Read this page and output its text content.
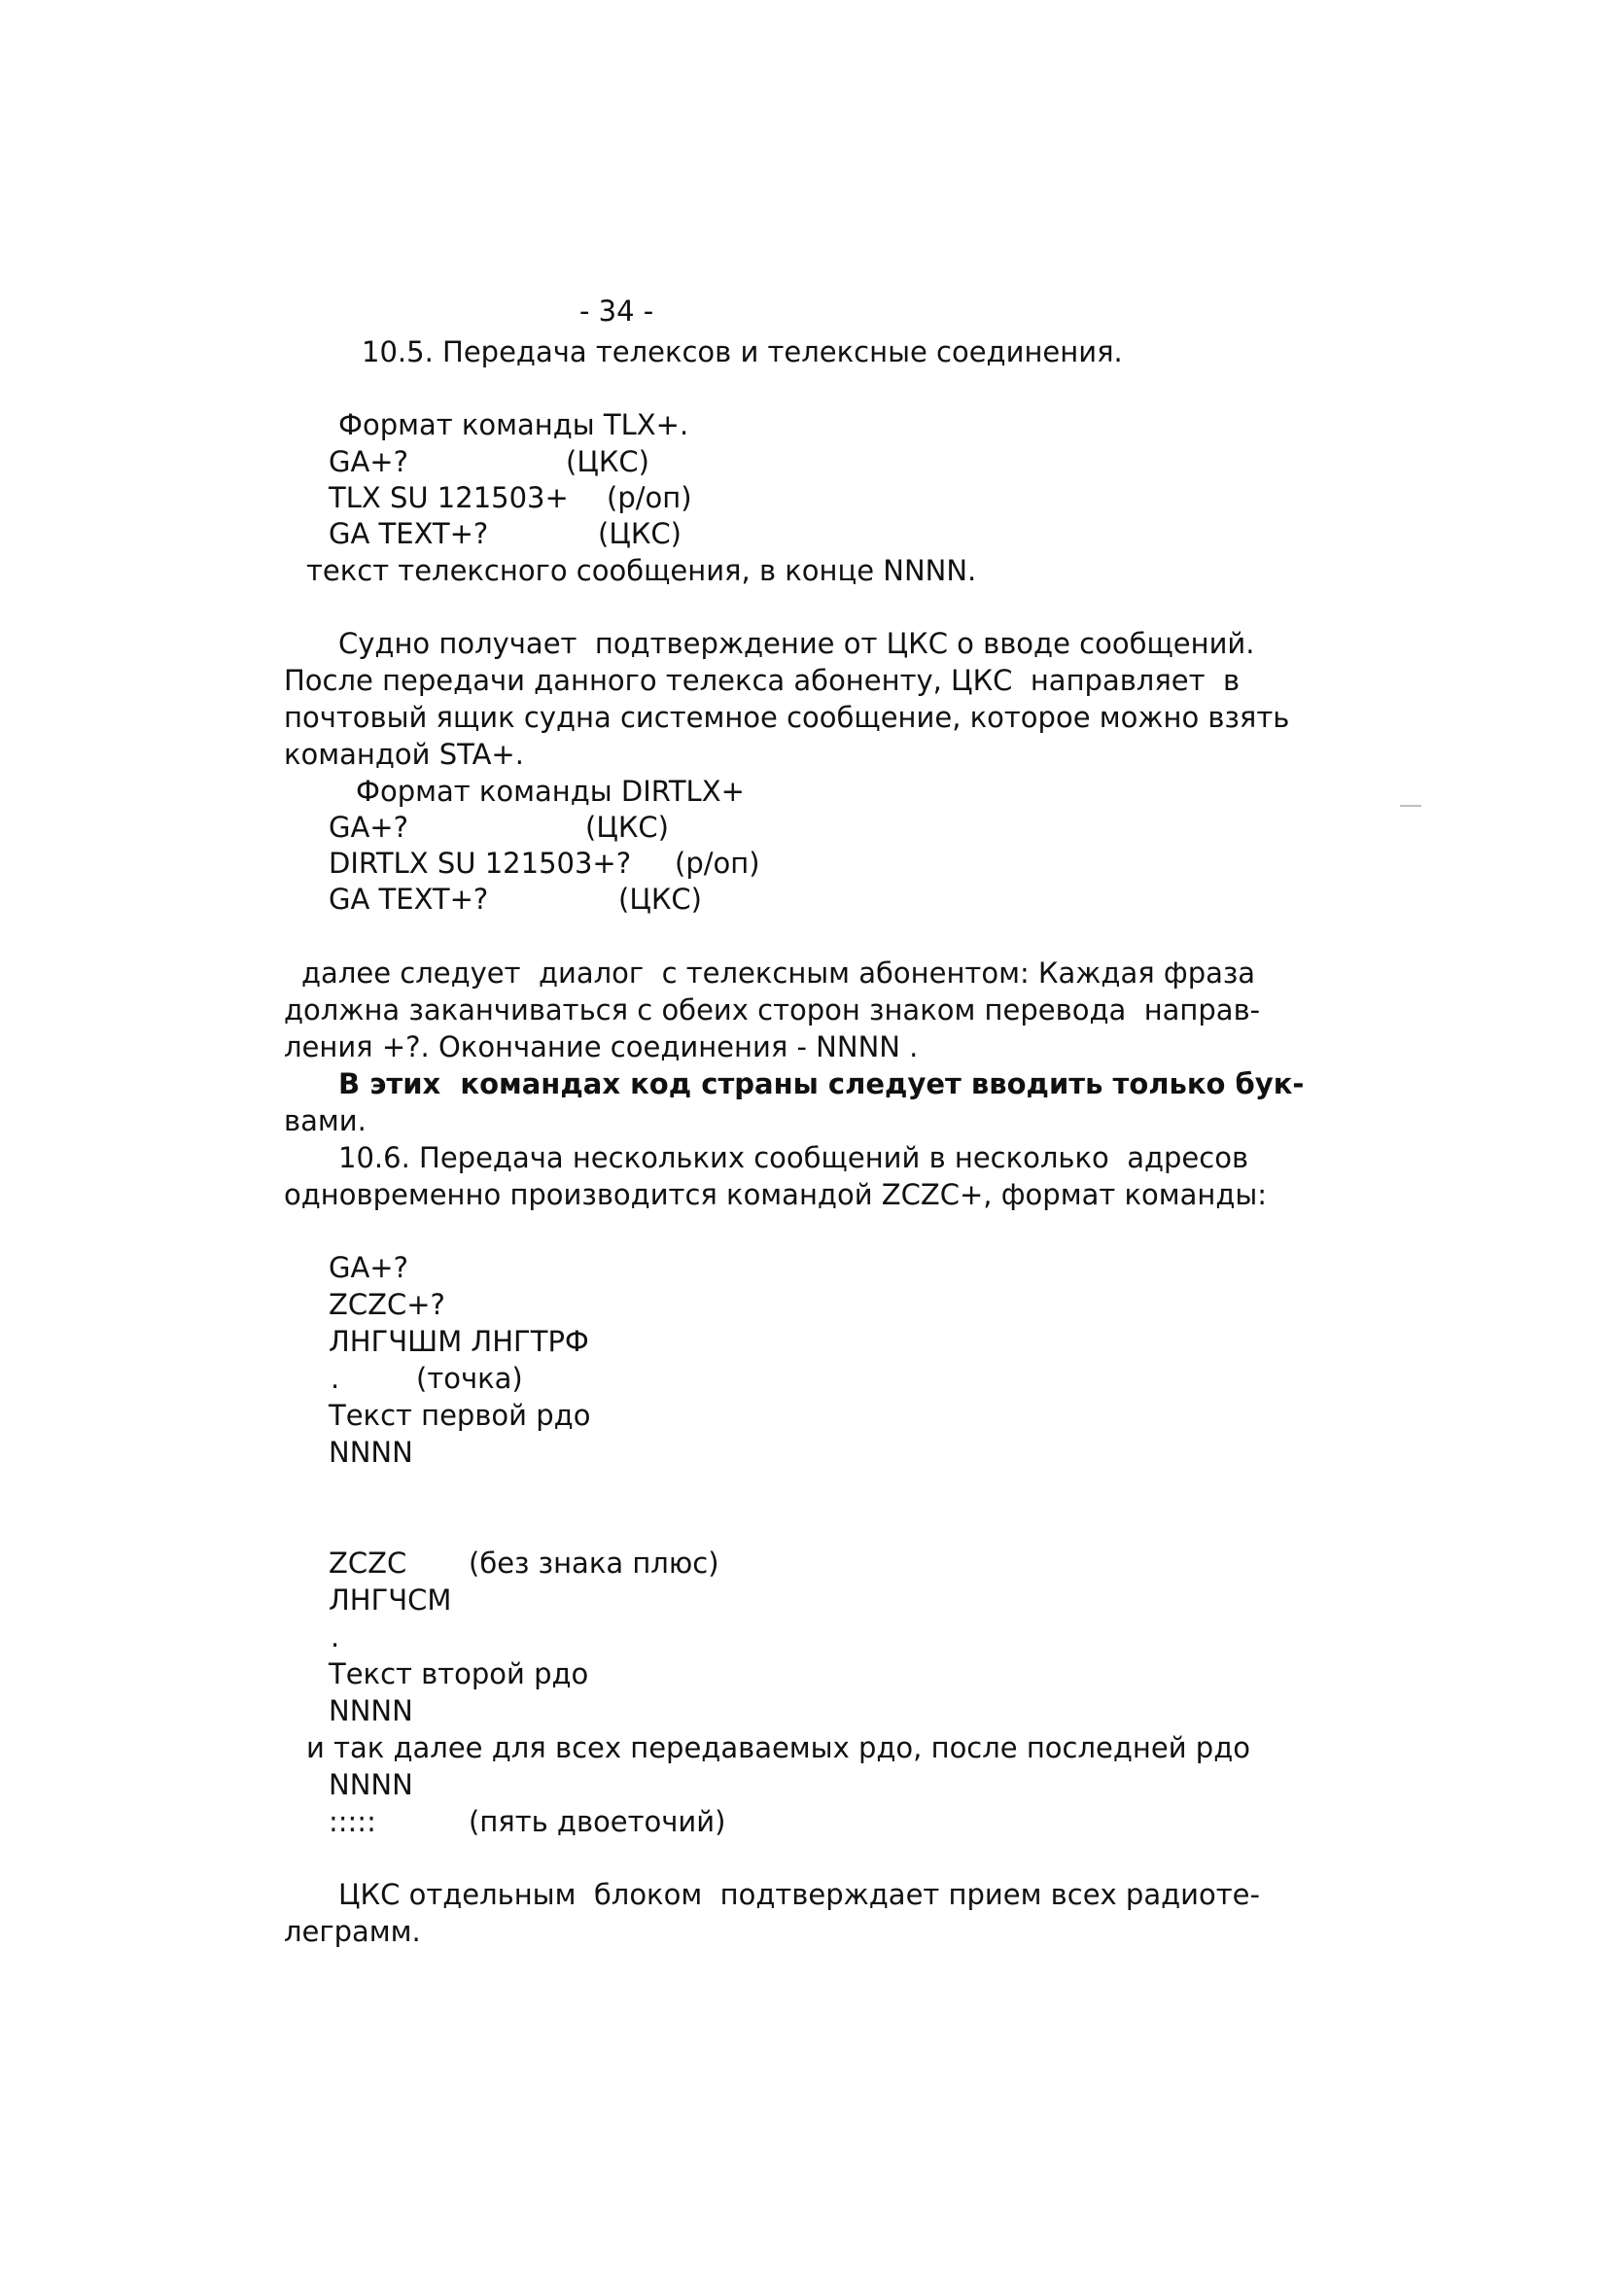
- 34 -
10.5. Передача телексов и телексные соединения.
Формат команды TLX+.
GA+?	(ЦКС)
TLX SU 121503+ (р/оп)
GA TEXT+?	(ЦКС)
текст телексного сообщения, в конце NNNN.
Судно получает  подтверждение от ЦКС о вводе сообщений.
После передачи данного телекса абоненту, ЦКС  направляет  в
почтовый ящик судна системное сообщение, которое можно взять
командой STA+.
Формат команды DIRTLX+
GA+?	(ЦКС)
DIRTLX SU 121503+? (р/оп)
GA TEXT+?	(ЦКС)
далее следует  диалог  с телексным абонентом: Каждая фраза
должна заканчиваться с обеих сторон знаком перевода  направ-
ления +?. Окончание соединения - NNNN .
В этих  командах код страны следует вводить только бук-
вами.
10.6. Передача нескольких сообщений в несколько  адресов
одновременно производится командой ZCZC+, формат команды:
GA+?
ZCZC+?
ЛНГЧШМ ЛНГТРФ
.	(точка)
Текст первой рдо
NNNN
ZCZC (без знака плюс)
ЛНГЧСМ
.
Текст второй рдо
NNNN
и так далее для всех передаваемых рдо, после последней рдо
NNNN
:::::	(пять двоеточий)
ЦКС отдельным  блоком  подтверждает прием всех радиоте-
леграмм.
